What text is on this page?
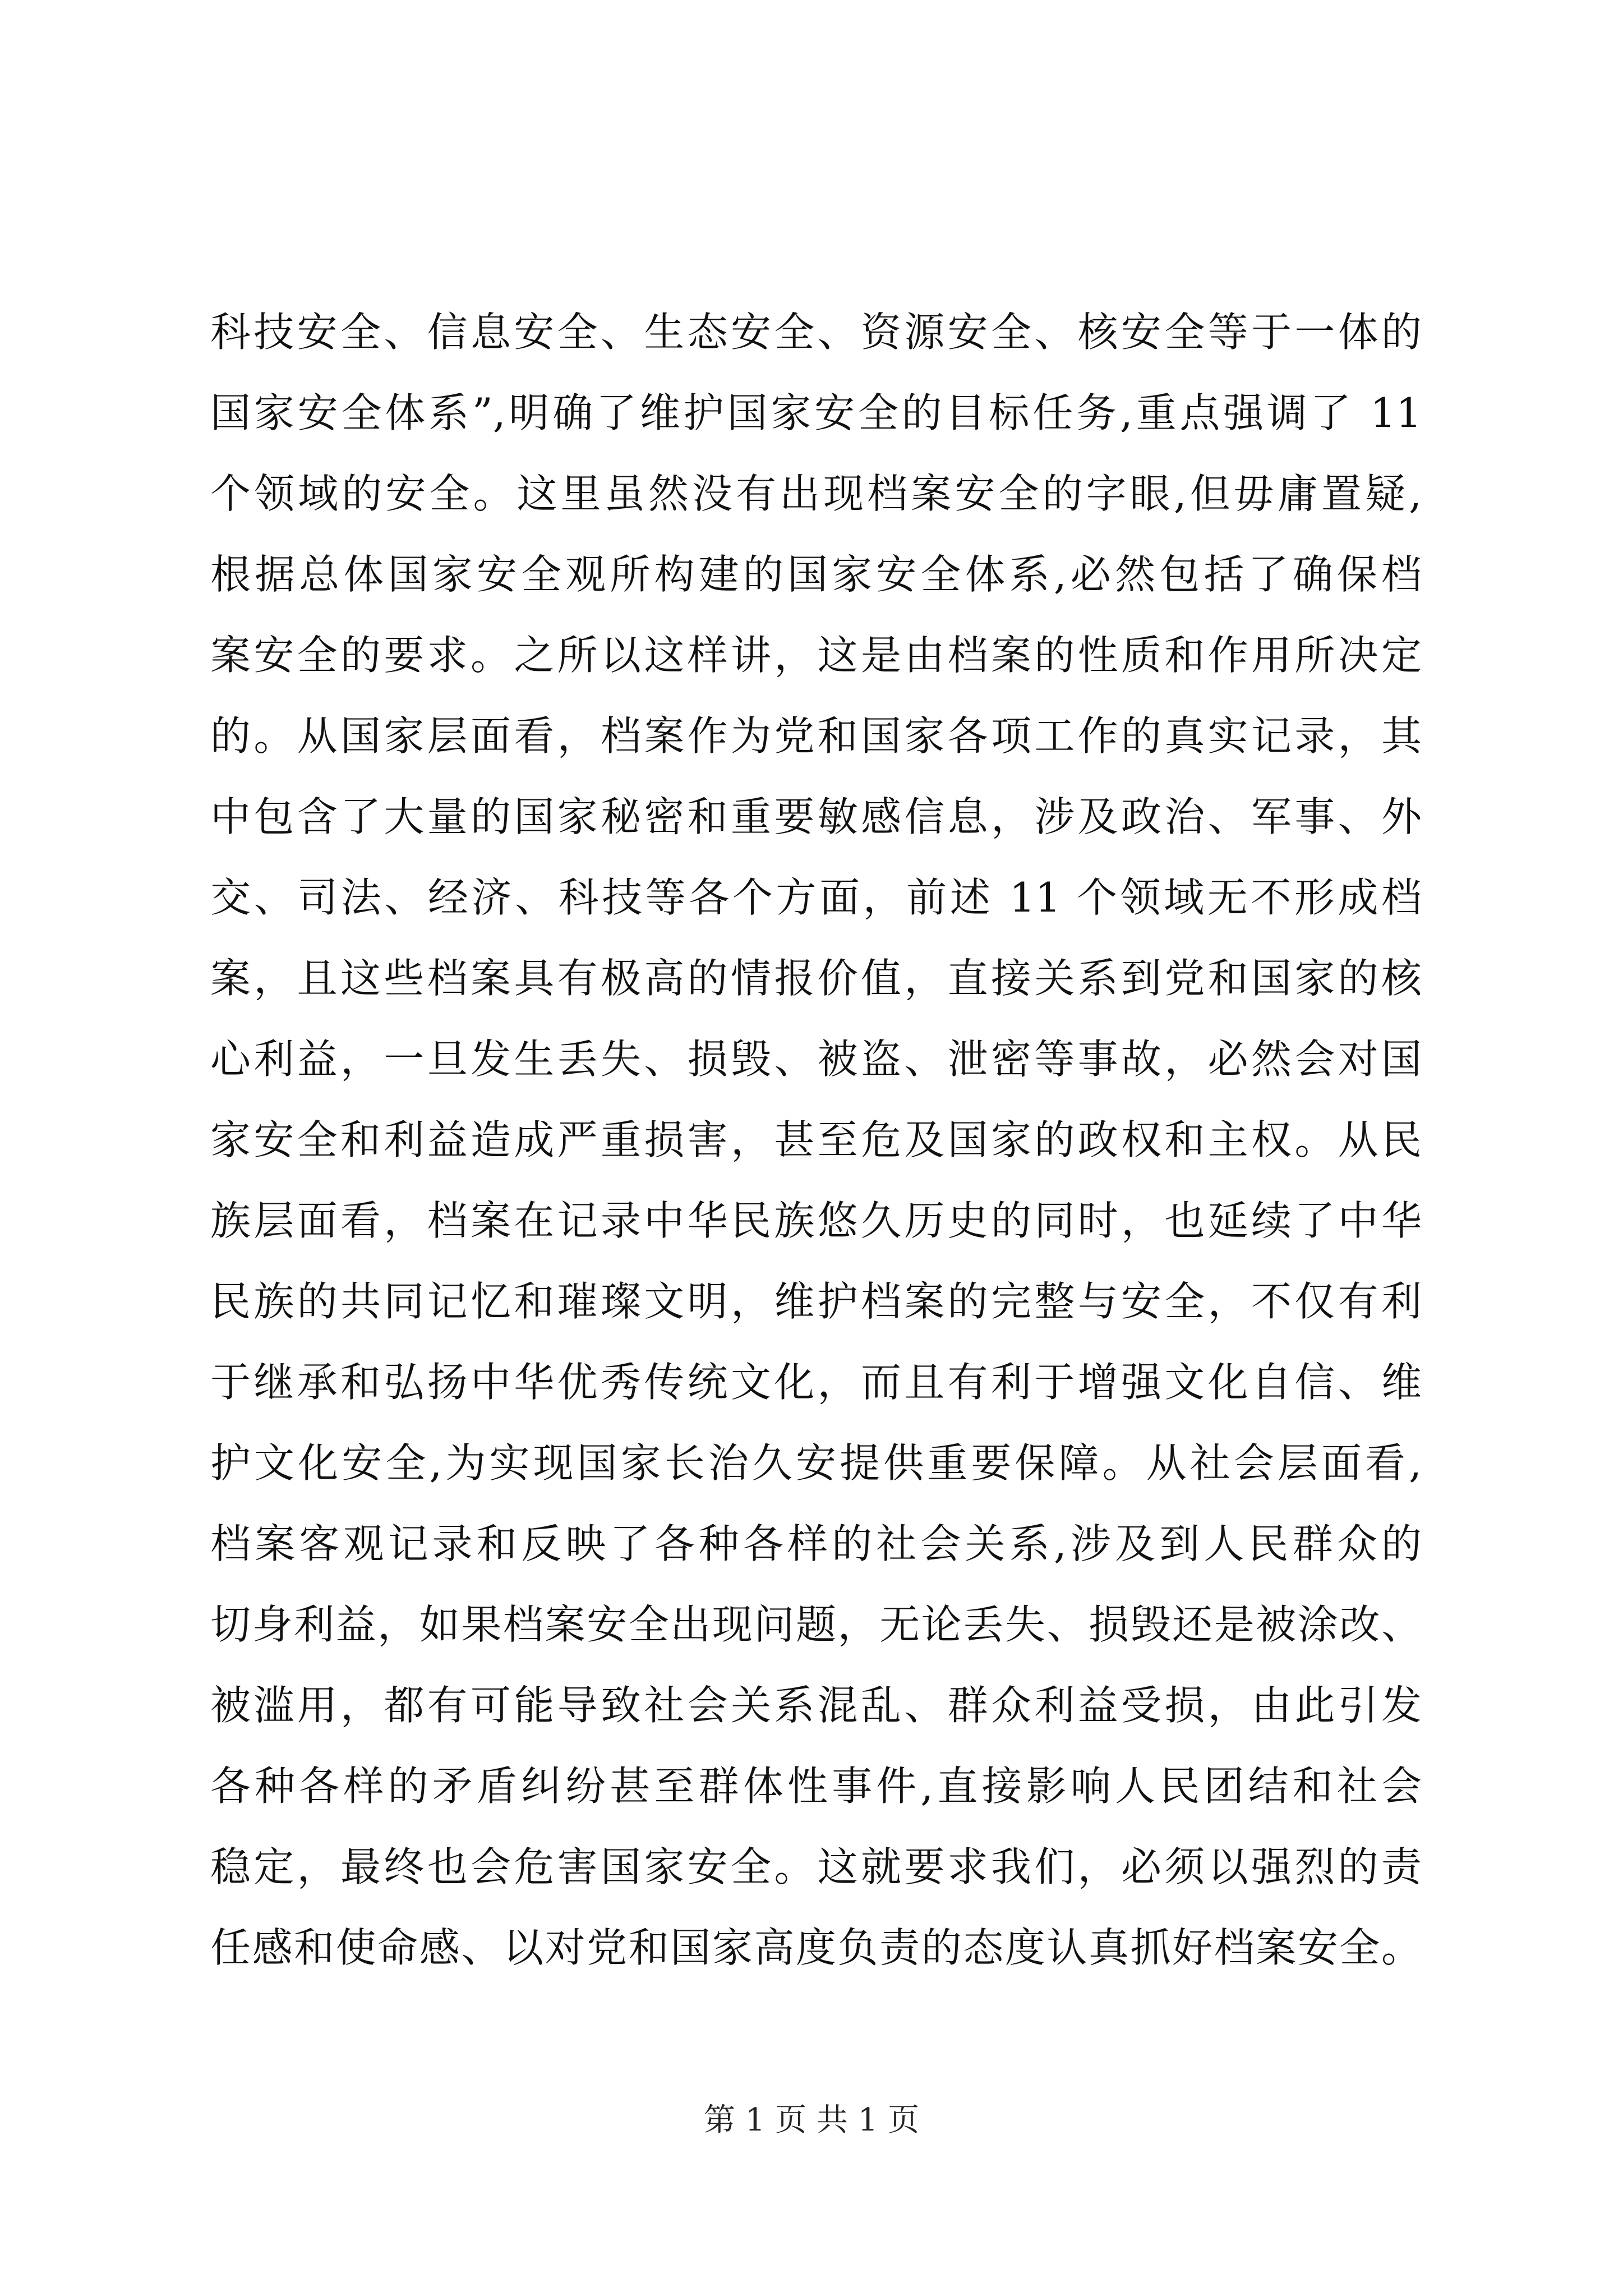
科技安全、信息安全、生态安全、资源安全、核安全等于一体的
国家安全体系”,明确了维护国家安全的目标任务,重点强调了 11
个领域的安全。这里虽然没有出现档案安全的字眼,但毋庸置疑,
根据总体国家安全观所构建的国家安全体系,必然包括了确保档
案安全的要求。之所以这样讲，这是由档案的性质和作用所决定
的。从国家层面看，档案作为党和国家各项工作的真实记录，其
中包含了大量的国家秘密和重要敏感信息，涉及政治、军事、外
交、司法、经济、科技等各个方面，前述 11 个领域无不形成档
案，且这些档案具有极高的情报价值，直接关系到党和国家的核
心利益，一旦发生丢失、损毁、被盗、泄密等事故，必然会对国
家安全和利益造成严重损害，甚至危及国家的政权和主权。从民
族层面看，档案在记录中华民族悠久历史的同时，也延续了中华
民族的共同记忆和璀璨文明，维护档案的完整与安全，不仅有利
于继承和弘扬中华优秀传统文化，而且有利于增强文化自信、维
护文化安全,为实现国家长治久安提供重要保障。从社会层面看,
档案客观记录和反映了各种各样的社会关系,涉及到人民群众的
切身利益，如果档案安全出现问题，无论丢失、损毁还是被涂改、
被滥用，都有可能导致社会关系混乱、群众利益受损，由此引发
各种各样的矛盾纠纷甚至群体性事件,直接影响人民团结和社会
稳定，最终也会危害国家安全。这就要求我们，必须以强烈的责
任感和使命感、以对党和国家高度负责的态度认真抓好档案安全。
第 1 页 共 1 页
